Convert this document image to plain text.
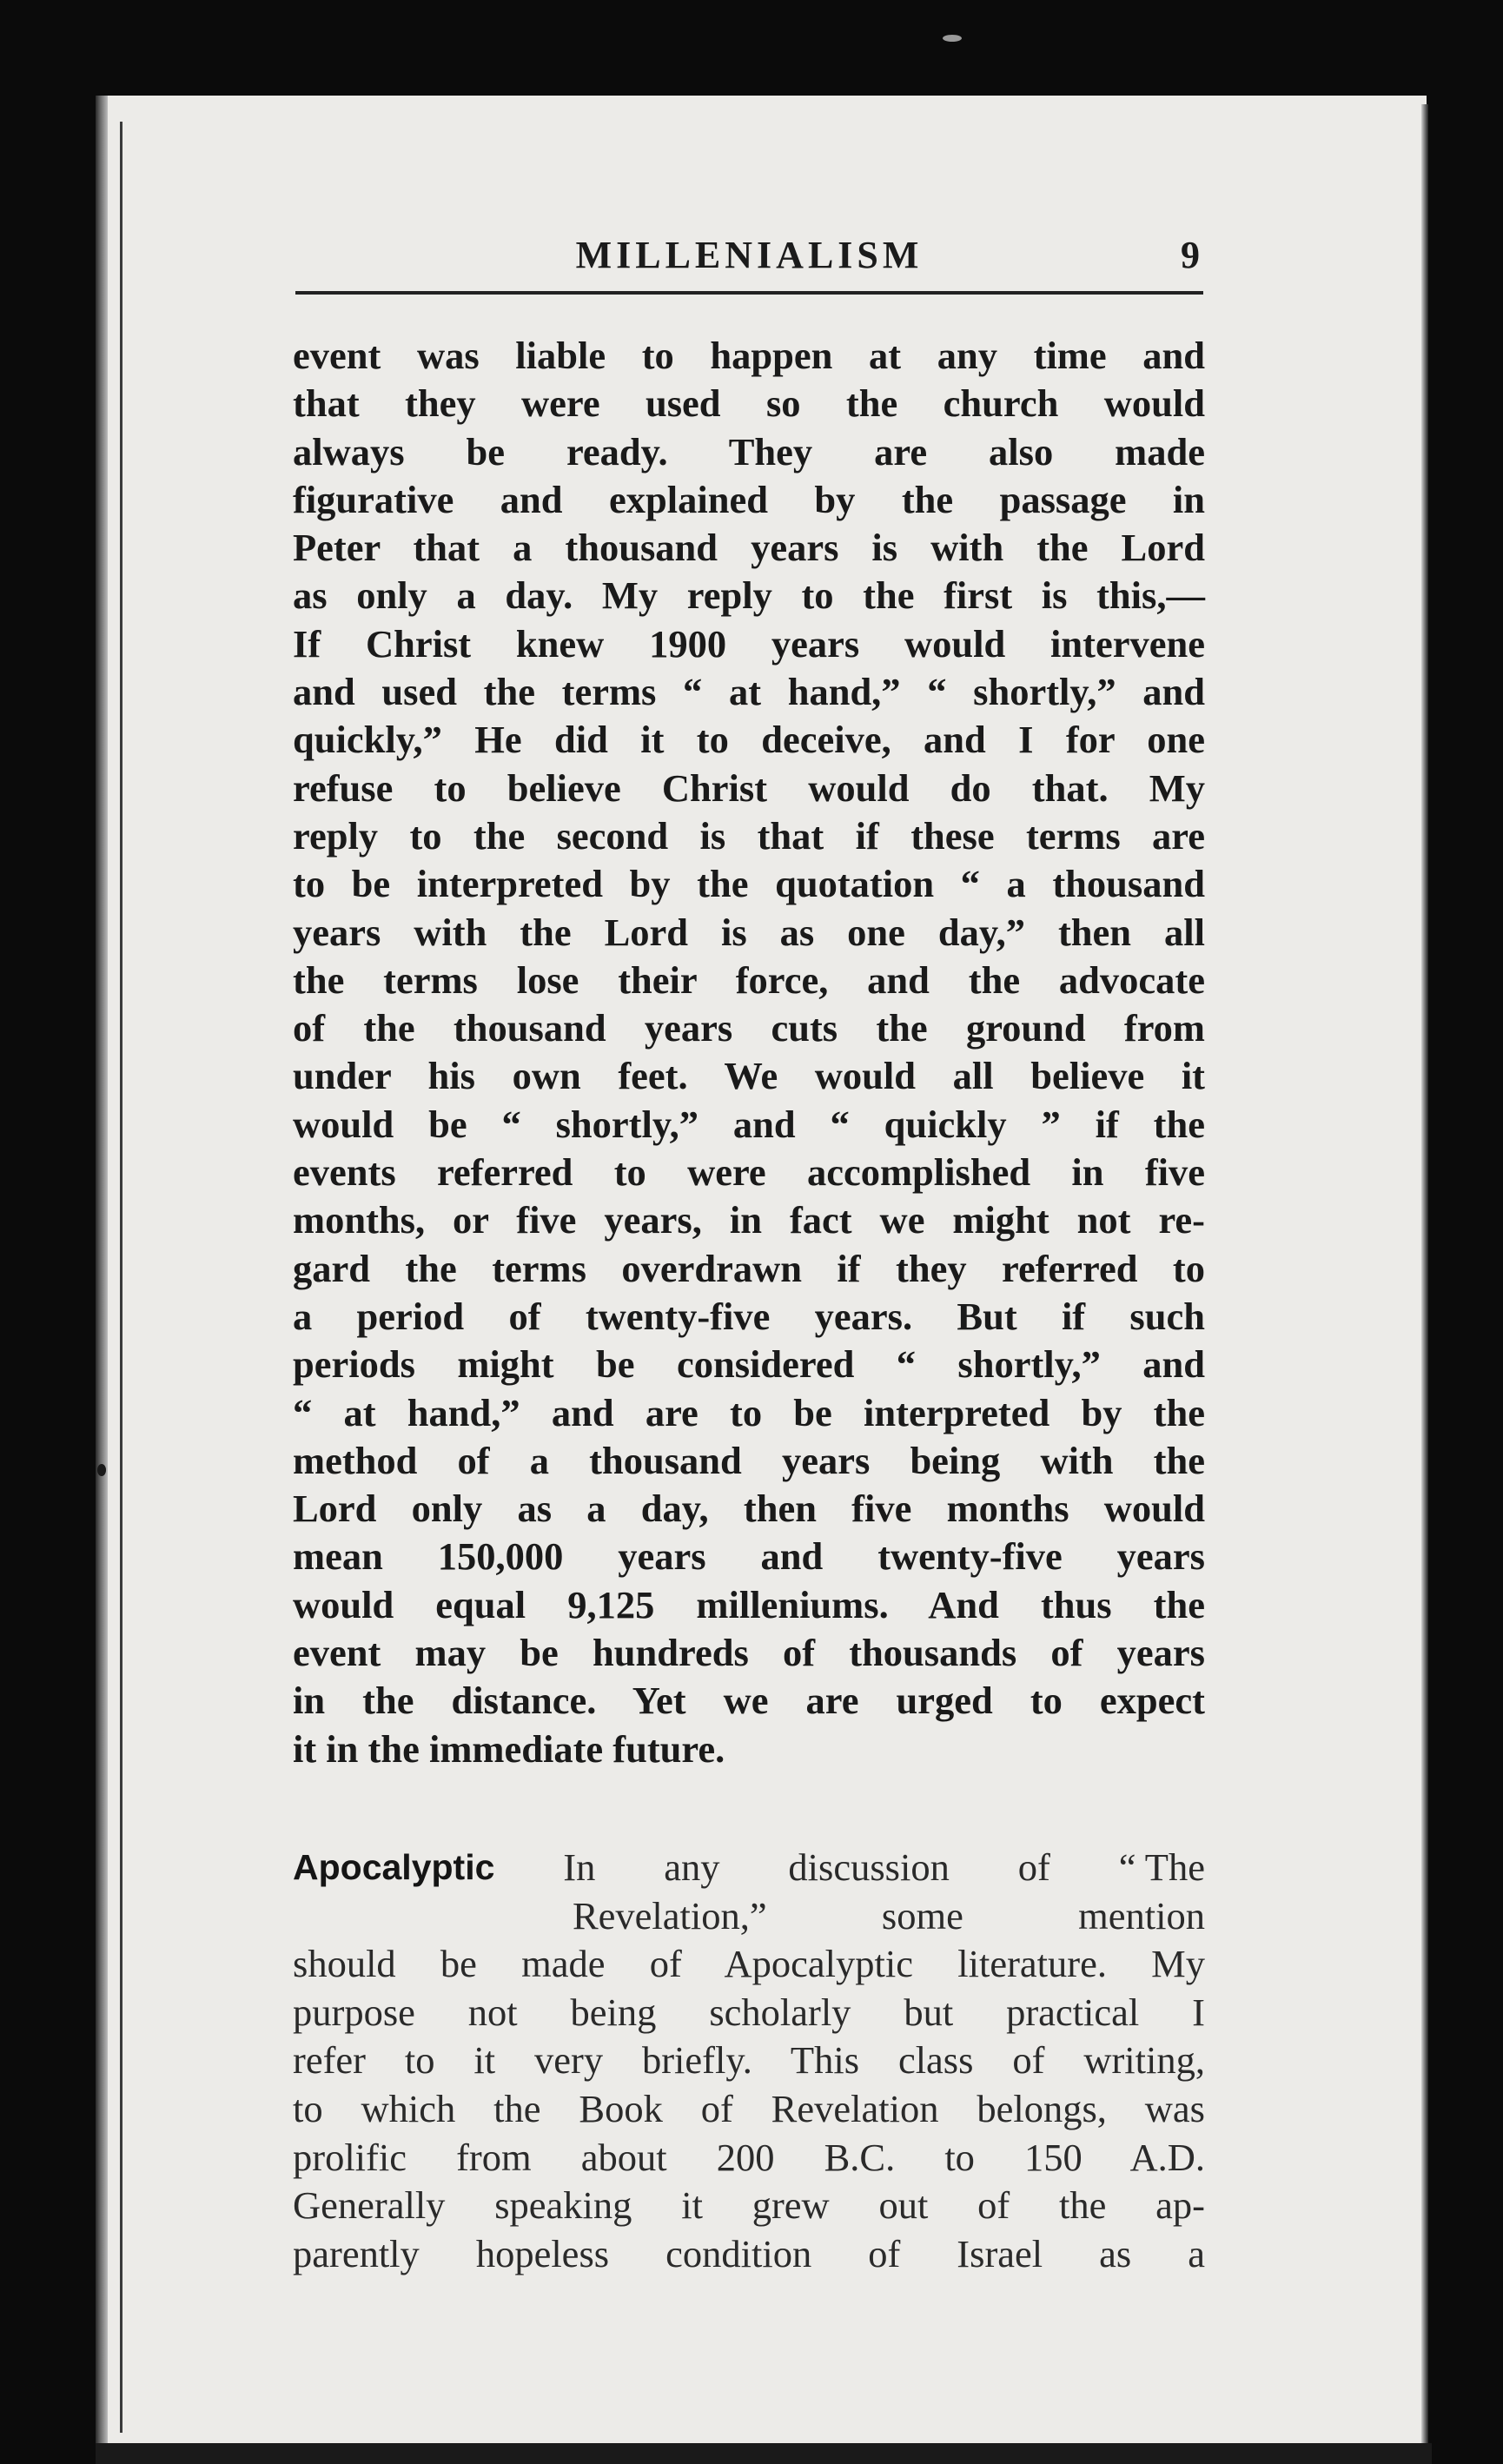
MILLENIALISM	9
event was liable to happen at any time and
that they were used so the church would
always be ready. They are also made
figurative and explained by the passage in
Peter that a thousand years is with the Lord
as only a day. My reply to the first is this,—
If Christ knew 1900 years would intervene
and used the terms “ at hand,” “ shortly,” and
quickly,” He did it to deceive, and I for one
refuse to believe Christ would do that. My
reply to the second is that if these terms are
to be interpreted by the quotation “ a thousand
years with the Lord is as one day,” then all
the terms lose their force, and the advocate
of the thousand years cuts the ground from
under his own feet. We would all believe it
would be “ shortly,” and “ quickly ” if the
events referred to were accomplished in five
months, or five years, in fact we might not re-
gard the terms overdrawn if they referred to
a period of twenty-five years. But if such
periods might be considered “ shortly,” and
“ at hand,” and are to be interpreted by the
method of a thousand years being with the
Lord only as a day, then five months would
mean 150,000 years and twenty-five years
would equal 9,125 milleniums. And thus the
event may be hundreds of thousands of years
in the distance. Yet we are urged to expect
it in the immediate future.
Apocalyptic In any discussion of “ The
Revelation,” some mention
should be made of Apocalyptic literature. My
purpose not being scholarly but practical I
refer to it very briefly. This class of writing,
to which the Book of Revelation belongs, was
prolific from about 200 B.C. to 150 A.D.
Generally speaking it grew out of the ap-
parently hopeless condition of Israel as a
